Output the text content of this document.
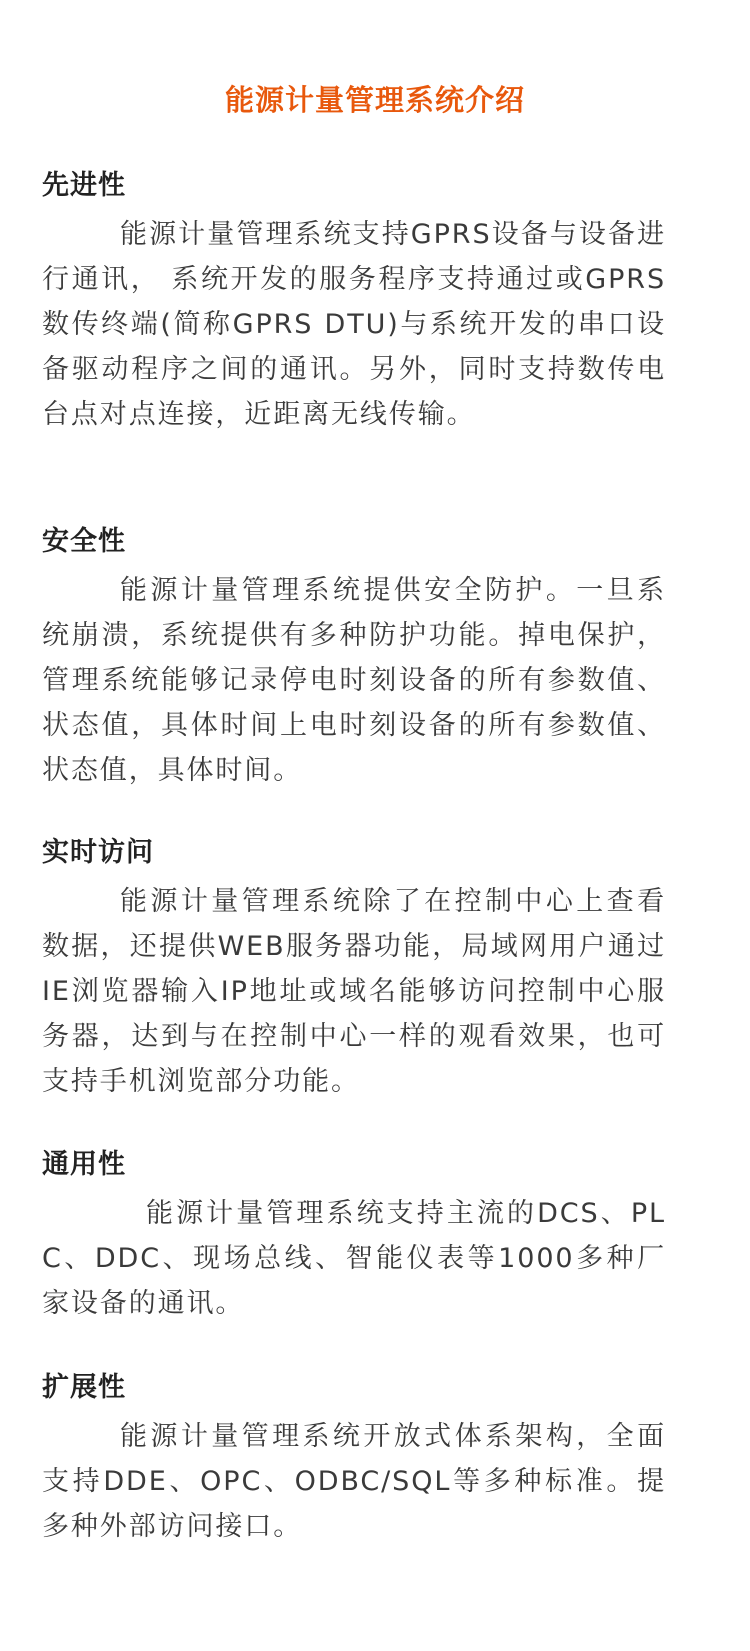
能源计量管理系统介绍
先进性

能源计量管理系统支持GPRS设备与设备进行通讯， 系统开发的服务程序支持通过或GPRS数传终端(简称GPRS DTU)与系统开发的串口设备驱动程序之间的通讯。另外，同时支持数传电台点对点连接，近距离无线传输。

安全性

能源计量管理系统提供安全防护。一旦系统崩溃，系统提供有多种防护功能。掉电保护，管理系统能够记录停电时刻设备的所有参数值、状态值，具体时间上电时刻设备的所有参数值、状态值，具体时间。

实时访问

能源计量管理系统除了在控制中心上查看数据，还提供WEB服务器功能，局域网用户通过IE浏览器输入IP地址或域名能够访问控制中心服务器，达到与在控制中心一样的观看效果，也可支持手机浏览部分功能。

通用性

能源计量管理系统支持主流的DCS、PLC、DDC、现场总线、智能仪表等1000多种厂家设备的通讯。

扩展性

能源计量管理系统开放式体系架构，全面支持DDE、OPC、ODBC/SQL等多种标准。提多种外部访问接口。
